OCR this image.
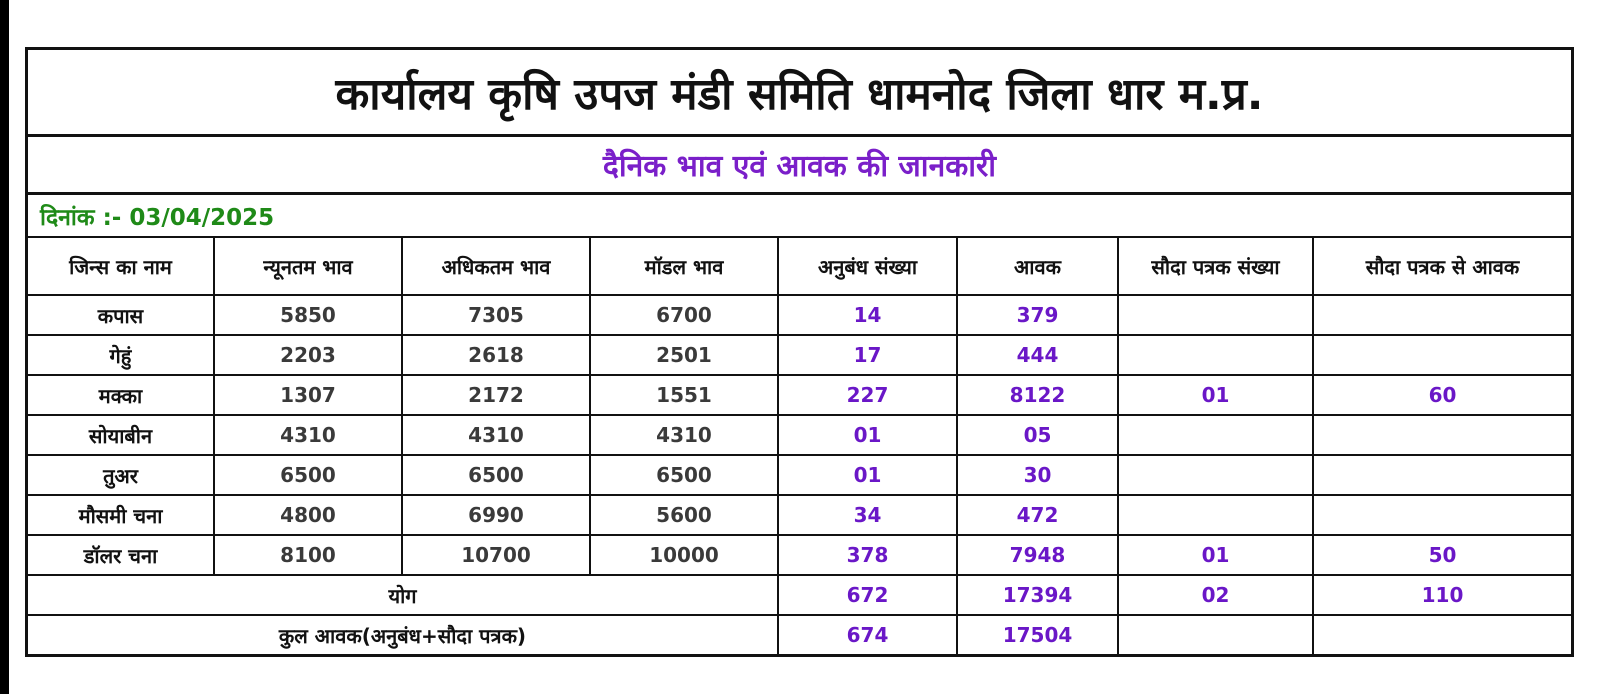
कार्यालय कृषि उपज मंडी समिति धामनोद जिला धार म.प्र.
दैनिक भाव एवं आवक की जानकारी
दिनांक :- 03/04/2025
जिन्स का नाम	न्यूनतम भाव	अधिकतम भाव	मॉडल भाव	अनुबंध संख्या	आवक	सौदा पत्रक संख्या	सौदा पत्रक से आवक
कपास	5850	7305	6700	14	379		
गेहुं	2203	2618	2501	17	444		
मक्का	1307	2172	1551	227	8122	01	60
सोयाबीन	4310	4310	4310	01	05		
तुअर	6500	6500	6500	01	30		
मौसमी चना	4800	6990	5600	34	472		
डॉलर चना	8100	10700	10000	378	7948	01	50
योग				672	17394	02	110
कुल आवक(अनुबंध+सौदा पत्रक)				674	17504		
